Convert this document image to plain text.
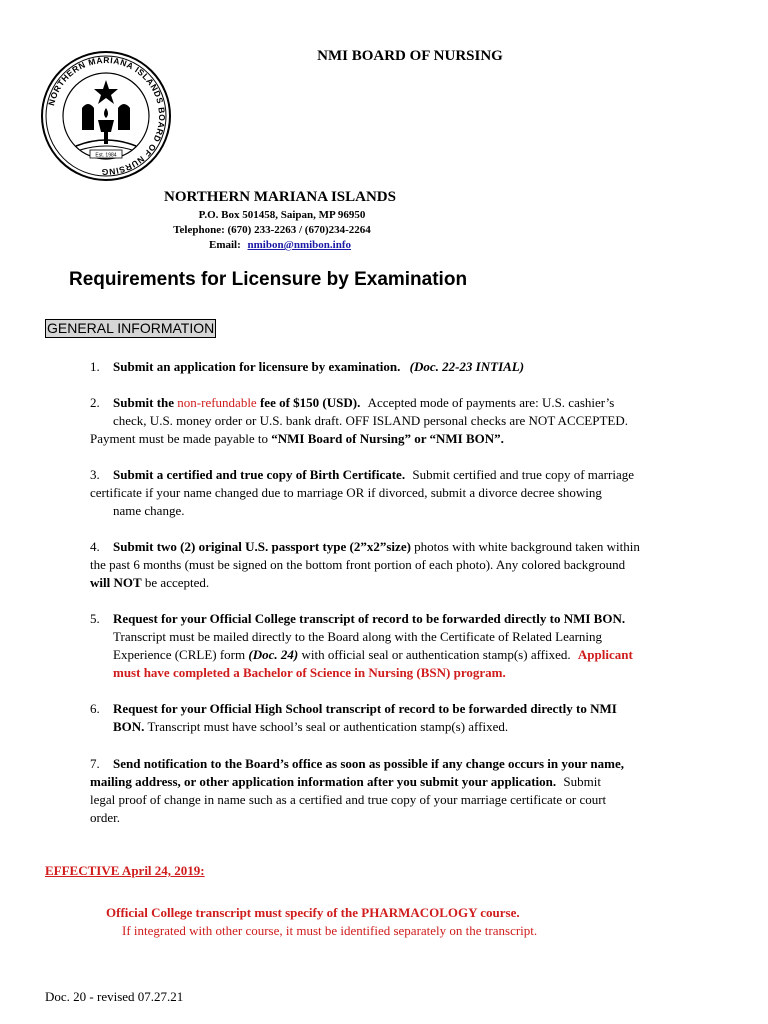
NORTHERN MARIANA ISLANDS BOARD OF NURSING
Est. 1984
NMI BOARD OF NURSING
NORTHERN MARIANA ISLANDS
P.O. Box 501458, Saipan, MP 96950
Telephone: (670) 233-2263 / (670)234-2264
Email: nmibon@nmibon.info
Requirements for Licensure by Examination
GENERAL INFORMATION
1. Submit an application for licensure by examination. (Doc. 22-23 INTIAL)
2. Submit the non-refundable fee of $150 (USD). Accepted mode of payments are: U.S. cashier’s
check, U.S. money order or U.S. bank draft. OFF ISLAND personal checks are NOT ACCEPTED.
Payment must be made payable to “NMI Board of Nursing” or “NMI BON”.
3. Submit a certified and true copy of Birth Certificate. Submit certified and true copy of marriage
certificate if your name changed due to marriage OR if divorced, submit a divorce decree showing
name change.
4. Submit two (2) original U.S. passport type (2”x2”size) photos with white background taken within
the past 6 months (must be signed on the bottom front portion of each photo). Any colored background
will NOT be accepted.
5. Request for your Official College transcript of record to be forwarded directly to NMI BON.
Transcript must be mailed directly to the Board along with the Certificate of Related Learning
Experience (CRLE) form (Doc. 24) with official seal or authentication stamp(s) affixed. Applicant
must have completed a Bachelor of Science in Nursing (BSN) program.
6. Request for your Official High School transcript of record to be forwarded directly to NMI
BON. Transcript must have school’s seal or authentication stamp(s) affixed.
7. Send notification to the Board’s office as soon as possible if any change occurs in your name,
mailing address, or other application information after you submit your application. Submit
legal proof of change in name such as a certified and true copy of your marriage certificate or court
order.
EFFECTIVE April 24, 2019:
Official College transcript must specify of the PHARMACOLOGY course.
If integrated with other course, it must be identified separately on the transcript.
Doc. 20 - revised 07.27.21
